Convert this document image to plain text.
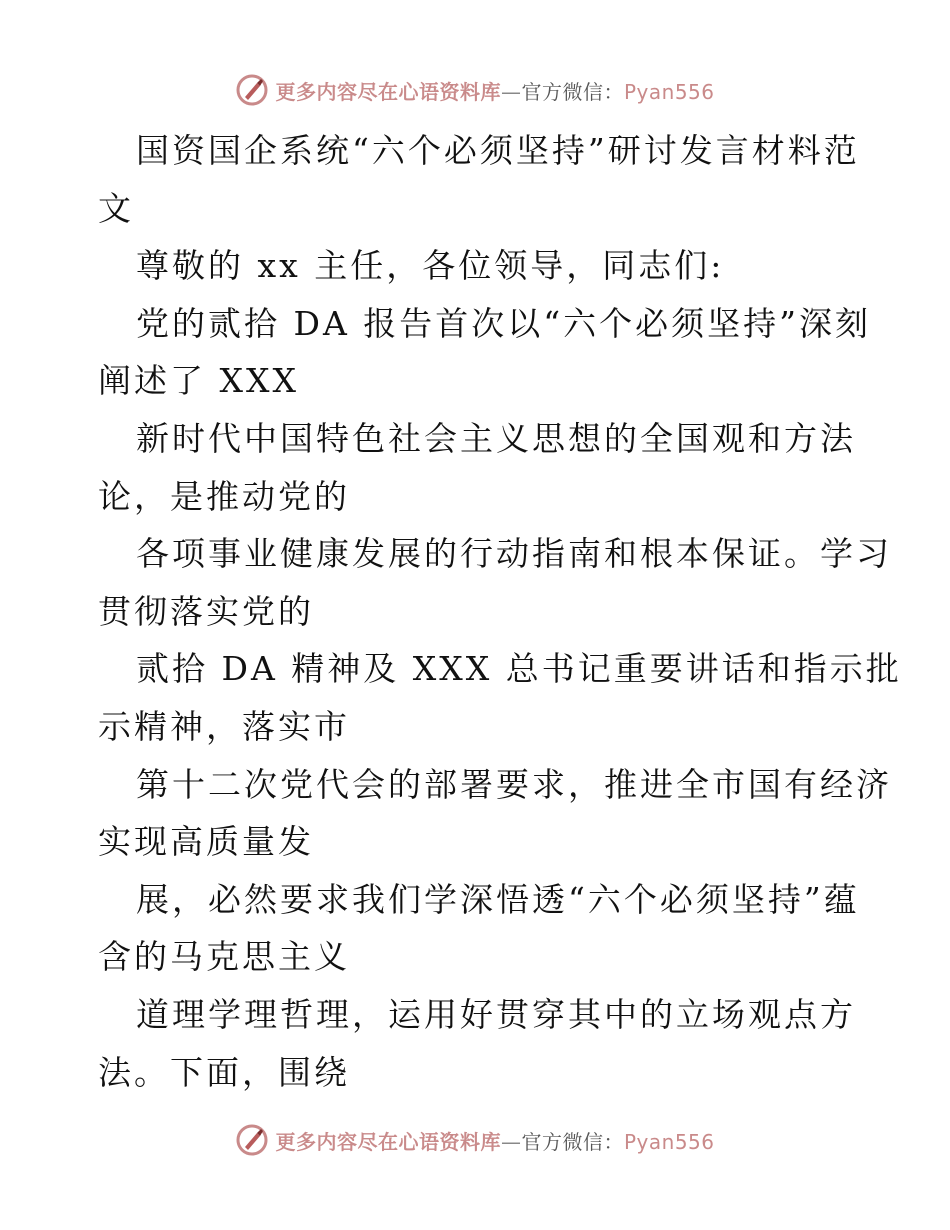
更多内容尽在心语资料库—官方微信：Pyan556
国资国企系统“六个必须坚持”研讨发言材料范
文
尊敬的 xx 主任，各位领导，同志们:
党的贰拾 DA 报告首次以“六个必须坚持”深刻
阐述了 XXX
新时代中国特色社会主义思想的全国观和方法
论，是推动党的
各项事业健康发展的行动指南和根本保证。学习
贯彻落实党的
贰拾 DA 精神及 XXX 总书记重要讲话和指示批
示精神，落实市
第十二次党代会的部署要求，推进全市国有经济
实现高质量发
展，必然要求我们学深悟透“六个必须坚持”蕴
含的马克思主义
道理学理哲理，运用好贯穿其中的立场观点方
法。下面，围绕
更多内容尽在心语资料库—官方微信：Pyan556
